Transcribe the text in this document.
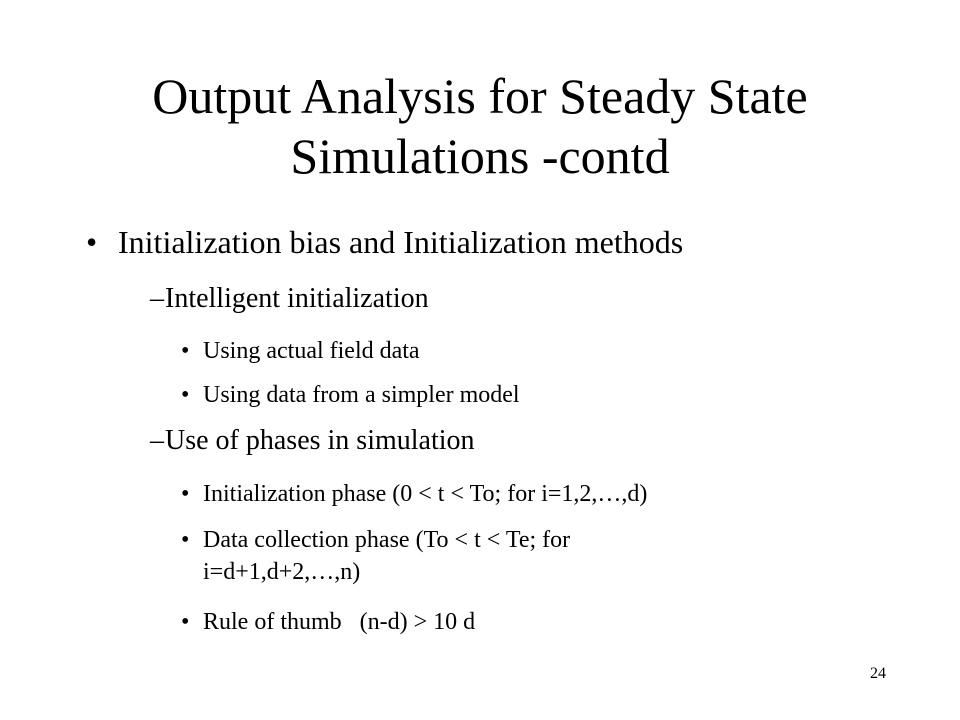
Output Analysis for Steady State
Simulations -contd
• Initialization bias and Initialization methods
– Intelligent initialization
• Using actual field data
• Using data from a simpler model
– Use of phases in simulation
• Initialization phase (0 < t < To; for i=1,2,…,d)
• Data collection phase (To < t < Te; for
i=d+1,d+2,…,n)
• Rule of thumb   (n-d) > 10 d
24
